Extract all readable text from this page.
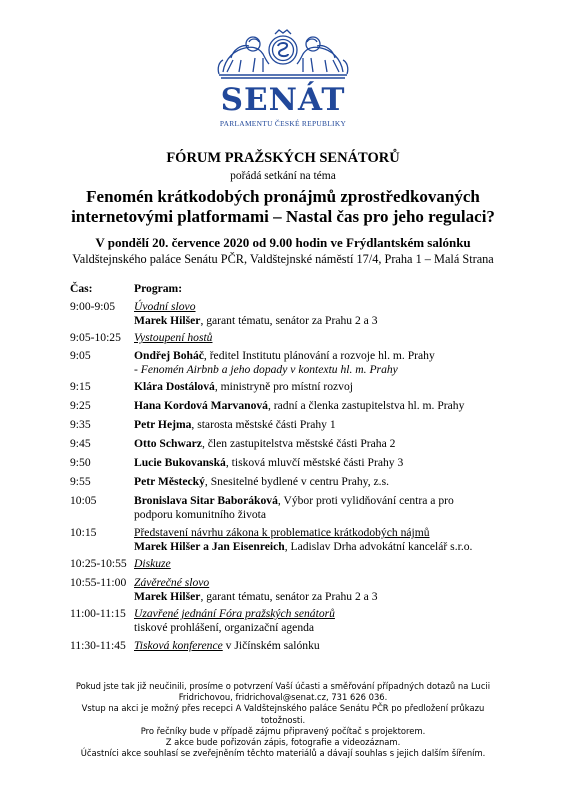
SENÁT
PARLAMENTU ČESKÉ REPUBLIKY
FÓRUM PRAŽSKÝCH SENÁTORŮ
pořádá setkání na téma
Fenomén krátkodobých pronájmů zprostředkovaných
internetovými platformami – Nastal čas pro jeho regulaci?
V pondělí 20. července 2020 od 9.00 hodin ve Frýdlantském salónku
Valdštejnského paláce Senátu PČR, Valdštejnské náměstí 17/4, Praha 1 – Malá Strana
Čas:	Program:
9:00-9:05 Úvodní slovo
Marek Hilšer, garant tématu, senátor za Prahu 2 a 3
9:05-10:25 Vystoupení hostů
9:05	Ondřej Boháč, ředitel Institutu plánování a rozvoje hl. m. Prahy
- Fenomén Airbnb a jeho dopady v kontextu hl. m. Prahy
9:15	Klára Dostálová, ministryně pro místní rozvoj
9:25	Hana Kordová Marvanová, radní a členka zastupitelstva hl. m. Prahy
9:35	Petr Hejma, starosta městské části Prahy 1
9:45	Otto Schwarz, člen zastupitelstva městské části Praha 2
9:50	Lucie Bukovanská, tisková mluvčí městské části Prahy 3
9:55	Petr Městecký, Snesitelné bydlené v centru Prahy, z.s.
10:05	Bronislava Sitar Baboráková, Výbor proti vylidňování centra a pro
podporu komunitního života
10:15	Představení návrhu zákona k problematice krátkodobých nájmů
Marek Hilšer a Jan Eisenreich, Ladislav Drha advokátní kancelář s.r.o.
10:25-10:55 Diskuze
10:55-11:00 Závěrečné slovo
Marek Hilšer, garant tématu, senátor za Prahu 2 a 3
11:00-11:15 Uzavřené jednání Fóra pražských senátorů
tiskové prohlášení, organizační agenda
11:30-11:45 Tisková konference v Jičínském salónku
Pokud jste tak již neučinili, prosíme o potvrzení Vaší účasti a směřování případných dotazů na Lucii
Fridrichovou, fridrichoval@senat.cz, 731 626 036.
Vstup na akci je možný přes recepci A Valdštejnského paláce Senátu PČR po předložení průkazu
totožnosti.
Pro řečníky bude v případě zájmu připravený počítač s projektorem.
Z akce bude pořizován zápis, fotografie a videozáznam.
Účastníci akce souhlasí se zveřejněním těchto materiálů a dávají souhlas s jejich dalším šířením.
